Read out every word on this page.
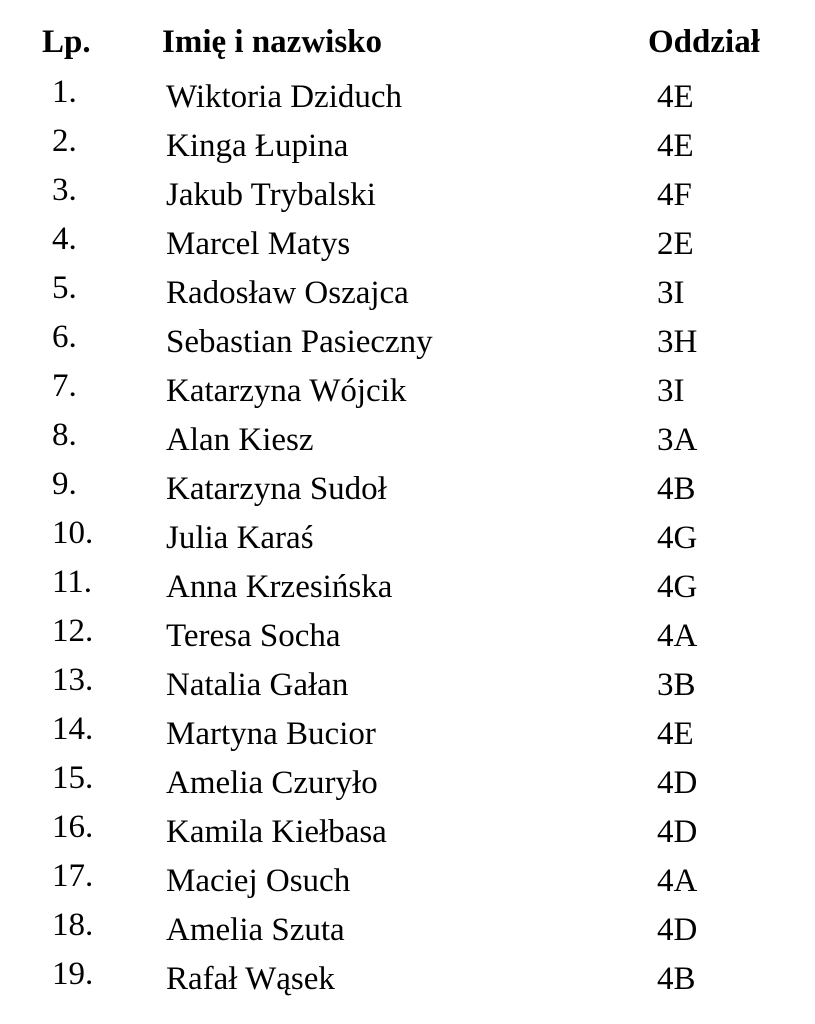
Lp. Imię i nazwisko	Oddział
1.	Wiktoria Dziduch	4E
2.	Kinga Łupina	4E
3.	Jakub Trybalski	4F
4.	Marcel Matys	2E
5.	Radosław Oszajca	3I
6.	Sebastian Pasieczny	3H
7.	Katarzyna Wójcik	3I
8.	Alan Kiesz	3A
9.	Katarzyna Sudoł	4B
10. Julia Karaś	4G
11. Anna Krzesińska	4G
12. Teresa Socha	4A
13. Natalia Gałan	3B
14. Martyna Bucior	4E
15. Amelia Czuryło	4D
16. Kamila Kiełbasa	4D
17. Maciej Osuch	4A
18. Amelia Szuta	4D
19. Rafał Wąsek	4B
